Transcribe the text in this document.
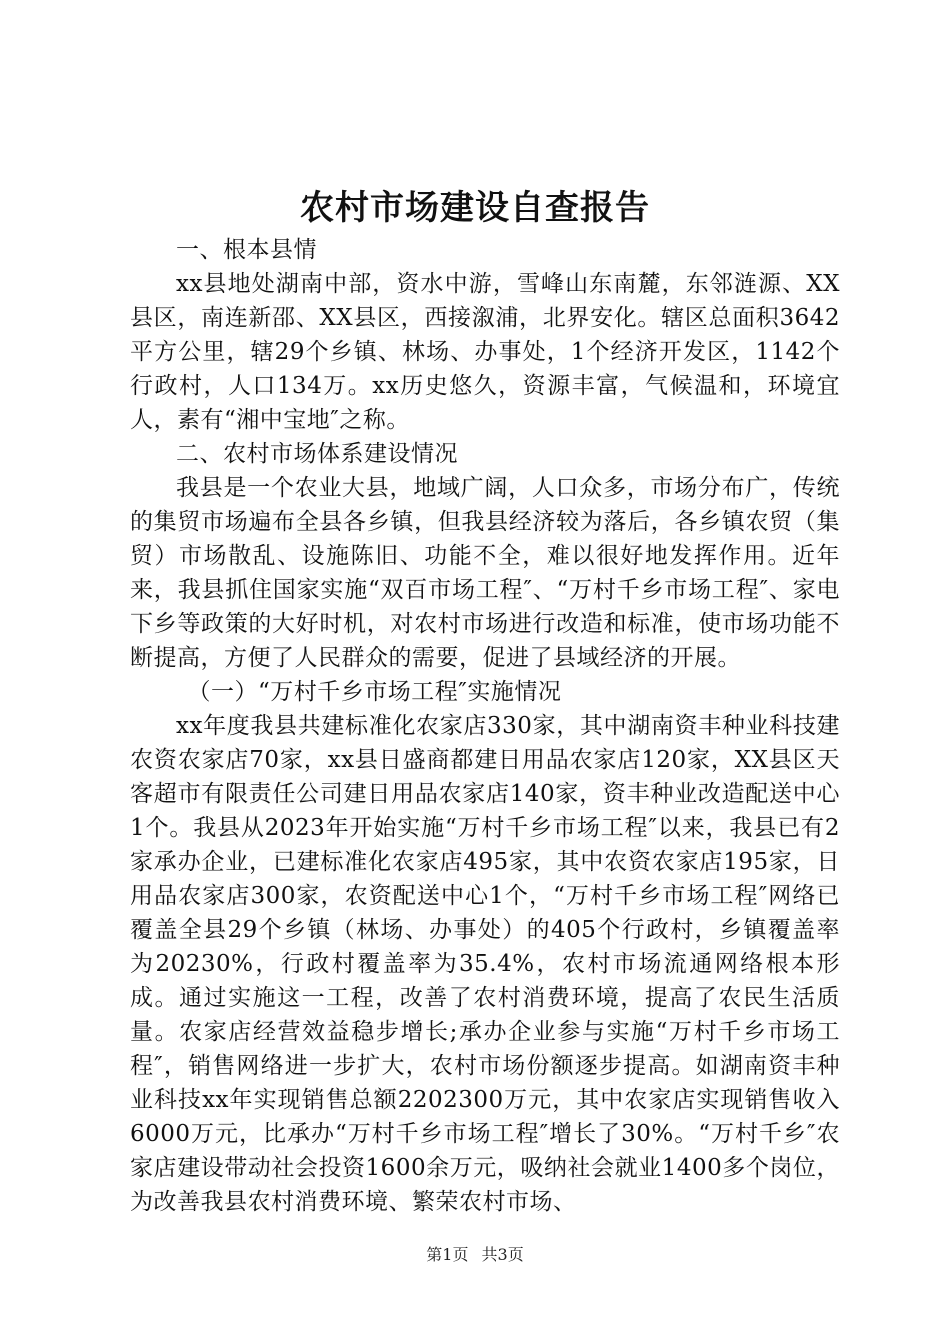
农村市场建设自查报告

一、根本县情

xx县地处湖南中部，资水中游，雪峰山东南麓，东邻涟源、XX县区，南连新邵、XX县区，西接溆浦，北界安化。辖区总面积3642平方公里，辖29个乡镇、林场、办事处，1个经济开发区，1142个行政村，人口134万。xx历史悠久，资源丰富，气候温和，环境宜人，素有“湘中宝地″之称。

二、农村市场体系建设情况

我县是一个农业大县，地域广阔，人口众多，市场分布广，传统的集贸市场遍布全县各乡镇，但我县经济较为落后，各乡镇农贸（集贸）市场散乱、设施陈旧、功能不全，难以很好地发挥作用。近年来，我县抓住国家实施“双百市场工程″、“万村千乡市场工程″、家电下乡等政策的大好时机，对农村市场进行改造和标准，使市场功能不断提高，方便了人民群众的需要，促进了县域经济的开展。

（一）“万村千乡市场工程″实施情况

xx年度我县共建标准化农家店330家，其中湖南资丰种业科技建农资农家店70家，xx县日盛商都建日用品农家店120家，XX县区天客超市有限责任公司建日用品农家店140家，资丰种业改造配送中心1个。我县从2023年开始实施“万村千乡市场工程″以来，我县已有2家承办企业，已建标准化农家店495家，其中农资农家店195家，日用品农家店300家，农资配送中心1个，“万村千乡市场工程″网络已覆盖全县29个乡镇（林场、办事处）的405个行政村，乡镇覆盖率为20230%，行政村覆盖率为35.4%，农村市场流通网络根本形成。通过实施这一工程，改善了农村消费环境，提高了农民生活质量。农家店经营效益稳步增长;承办企业参与实施“万村千乡市场工程″，销售网络进一步扩大，农村市场份额逐步提高。如湖南资丰种业科技xx年实现销售总额2202300万元，其中农家店实现销售收入6000万元，比承办“万村千乡市场工程″增长了30%。“万村千乡″农家店建设带动社会投资1600余万元，吸纳社会就业1400多个岗位，为改善我县农村消费环境、繁荣农村市场、

第1页 共3页
